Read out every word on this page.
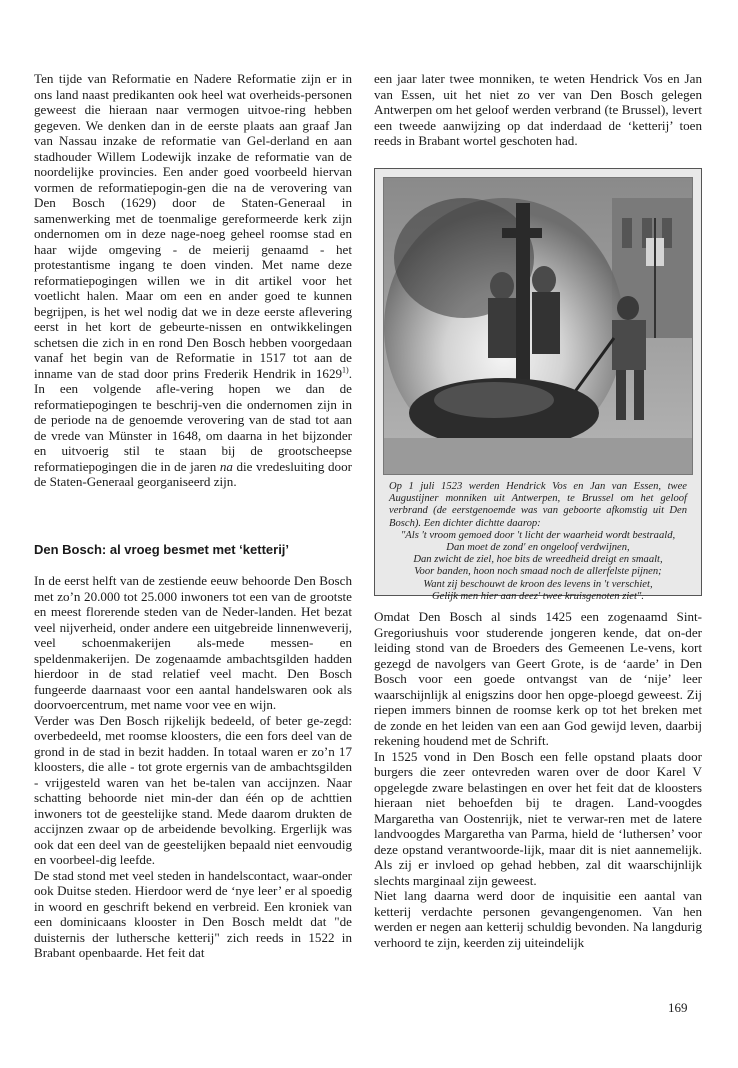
Ten tijde van Reformatie en Nadere Reformatie zijn er in ons land naast predikanten ook heel wat overheids-personen geweest die hieraan naar vermogen uitvoe-ring hebben gegeven. We denken dan in de eerste plaats aan graaf Jan van Nassau inzake de reformatie van Gel-derland en aan stadhouder Willem Lodewijk inzake de reformatie van de noordelijke provincies. Een ander goed voorbeeld hiervan vormen de reformatiepogin-gen die na de verovering van Den Bosch (1629) door de Staten-Generaal in samenwerking met de toenmalige gereformeerde kerk zijn ondernomen om in deze nage-noeg geheel roomse stad en haar wijde omgeving - de meierij genaamd - het protestantisme ingang te doen vinden. Met name deze reformatiepogingen willen we in dit artikel voor het voetlicht halen. Maar om een en ander goed te kunnen begrijpen, is het wel nodig dat we in deze eerste aflevering eerst in het kort de gebeurte-nissen en ontwikkelingen schetsen die zich in en rond Den Bosch hebben voorgedaan vanaf het begin van de Reformatie in 1517 tot aan de inname van de stad door prins Frederik Hendrik in 1629$^{1)}$. In een volgende afle-vering hopen we dan de reformatiepogingen te beschrij-ven die ondernomen zijn in de periode na de genoemde verovering van de stad tot aan de vrede van Münster in 1648, om daarna in het bijzonder en uitvoerig stil te staan bij de grootscheepse reformatiepogingen die in de jaren na die vredesluiting door de Staten-Generaal georganiseerd zijn.

Den Bosch: al vroeg besmet met ‘ketterij’

In de eerst helft van de zestiende eeuw behoorde Den Bosch met zo’n 20.000 tot 25.000 inwoners tot een van de grootste en meest florerende steden van de Neder-landen. Het bezat veel nijverheid, onder andere een uitgebreide linnenweverij, veel schoenmakerijen als-mede messen- en speldenmakerijen. De zogenaamde ambachtsgilden hadden hierdoor in de stad relatief veel macht. Den Bosch fungeerde daarnaast voor een aantal handelswaren ook als doorvoercentrum, met name voor vee en wijn.

Verder was Den Bosch rijkelijk bedeeld, of beter ge-zegd: overbedeeld, met roomse kloosters, die een fors deel van de grond in de stad in bezit hadden. In totaal waren er zo’n 17 kloosters, die alle - tot grote ergernis van de ambachtsgilden - vrijgesteld waren van het be-talen van accijnzen. Naar schatting behoorde niet min-der dan één op de achttien inwoners tot de geestelijke stand. Mede daarom drukten de accijnzen zwaar op de arbeidende bevolking. Ergerlijk was ook dat een deel van de geestelijken bepaald niet eenvoudig en voorbeel-dig leefde.

De stad stond met veel steden in handelscontact, waar-onder ook Duitse steden. Hierdoor werd de ‘nye leer’ er al spoedig in woord en geschrift bekend en verbreid. Een kroniek van een dominicaans klooster in Den Bosch meldt dat "de duisternis der luthersche ketterij" zich reeds in 1522 in Brabant openbaarde. Het feit dat

een jaar later twee monniken, te weten Hendrick Vos en Jan van Essen, uit het niet zo ver van Den Bosch gelegen Antwerpen om het geloof werden verbrand (te Brussel), levert een tweede aanwijzing op dat inderdaad de ‘ketterij’ toen reeds in Brabant wortel geschoten had.

Op 1 juli 1523 werden Hendrick Vos en Jan van Essen, twee Augustijner monniken uit Antwerpen, te Brussel om het geloof verbrand (de eerstgenoemde was van geboorte afkomstig uit Den Bosch). Een dichter dichtte daarop:
"Als 't vroom gemoed door 't licht der waarheid wordt bestraald,
Dan moet de zond' en ongeloof verdwijnen,
Dan zwicht de ziel, hoe bits de wreedheid dreigt en smaalt,
Voor banden, hoon noch smaad noch de allerfelste pijnen;
Want zij beschouwt de kroon des levens in 't verschiet,
Gelijk men hier aan deez' twee kruisgenoten ziet".

Omdat Den Bosch al sinds 1425 een zogenaamd Sint-Gregoriushuis voor studerende jongeren kende, dat on-der leiding stond van de Broeders des Gemeenen Le-vens, kort gezegd de navolgers van Geert Grote, is de ‘aarde’ in Den Bosch voor een goede ontvangst van de ‘nije’ leer waarschijnlijk al enigszins door hen opge-ploegd geweest. Zij riepen immers binnen de roomse kerk op tot het breken met de zonde en het leiden van een aan God gewijd leven, daarbij rekening houdend met de Schrift.

In 1525 vond in Den Bosch een felle opstand plaats door burgers die zeer ontevreden waren over de door Karel V opgelegde zware belastingen en over het feit dat de kloosters hieraan niet behoefden bij te dragen. Land-voogdes Margaretha van Oostenrijk, niet te verwar-ren met de latere landvoogdes Margaretha van Parma, hield de ‘luthersen’ voor deze opstand verantwoorde-lijk, maar dit is niet aannemelijk. Als zij er invloed op gehad hebben, zal dit waarschijnlijk slechts marginaal zijn geweest.

Niet lang daarna werd door de inquisitie een aantal van ketterij verdachte personen gevangengenomen. Van hen werden er negen aan ketterij schuldig bevonden. Na langdurig verhoord te zijn, keerden zij uiteindelijk

169
